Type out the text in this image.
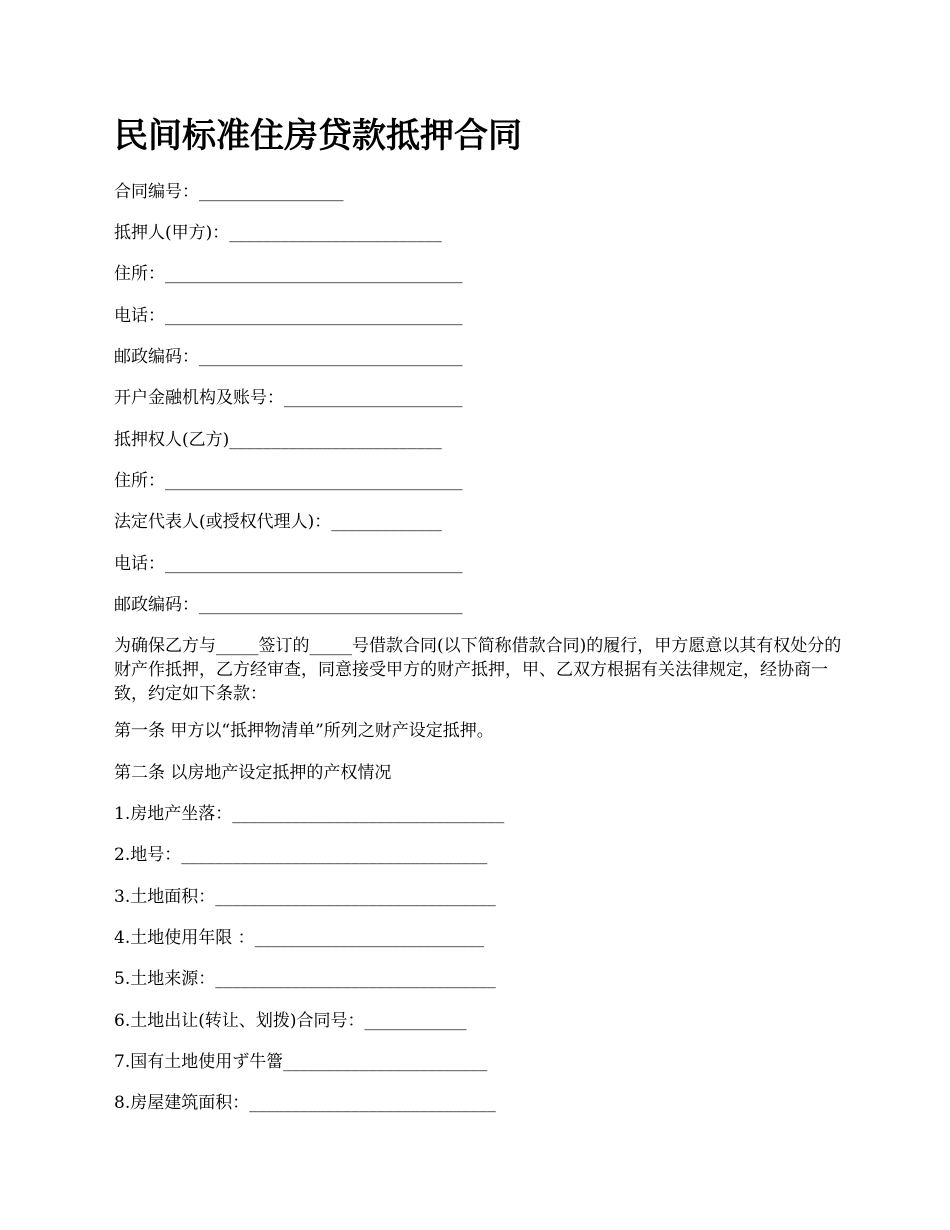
民间标准住房贷款抵押合同
合同编号：_________________
抵押人(甲方)：_________________________
住所：___________________________________
电话：___________________________________
邮政编码：_______________________________
开户金融机构及账号：_____________________
抵押权人(乙方)_________________________
住所：___________________________________
法定代表人(或授权代理人)：_____________
电话：___________________________________
邮政编码：_______________________________
为确保乙方与_____签订的_____号借款合同(以下简称借款合同)的履行，甲方愿意以其有权处分的财产作抵押，乙方经审查，同意接受甲方的财产抵押，甲、乙双方根据有关法律规定，经协商一致，约定如下条款：
第一条 甲方以“抵押物清单”所列之财产设定抵押。
第二条 以房地产设定抵押的产权情况
1.房地产坐落：________________________________
2.地号：____________________________________
3.土地面积：_________________________________
4.土地使用年限 ：___________________________
5.土地来源：_________________________________
6.土地出让(转让、划拨)合同号：____________
7.国有土地使用ず牛簹________________________
8.房屋建筑面积：_____________________________
